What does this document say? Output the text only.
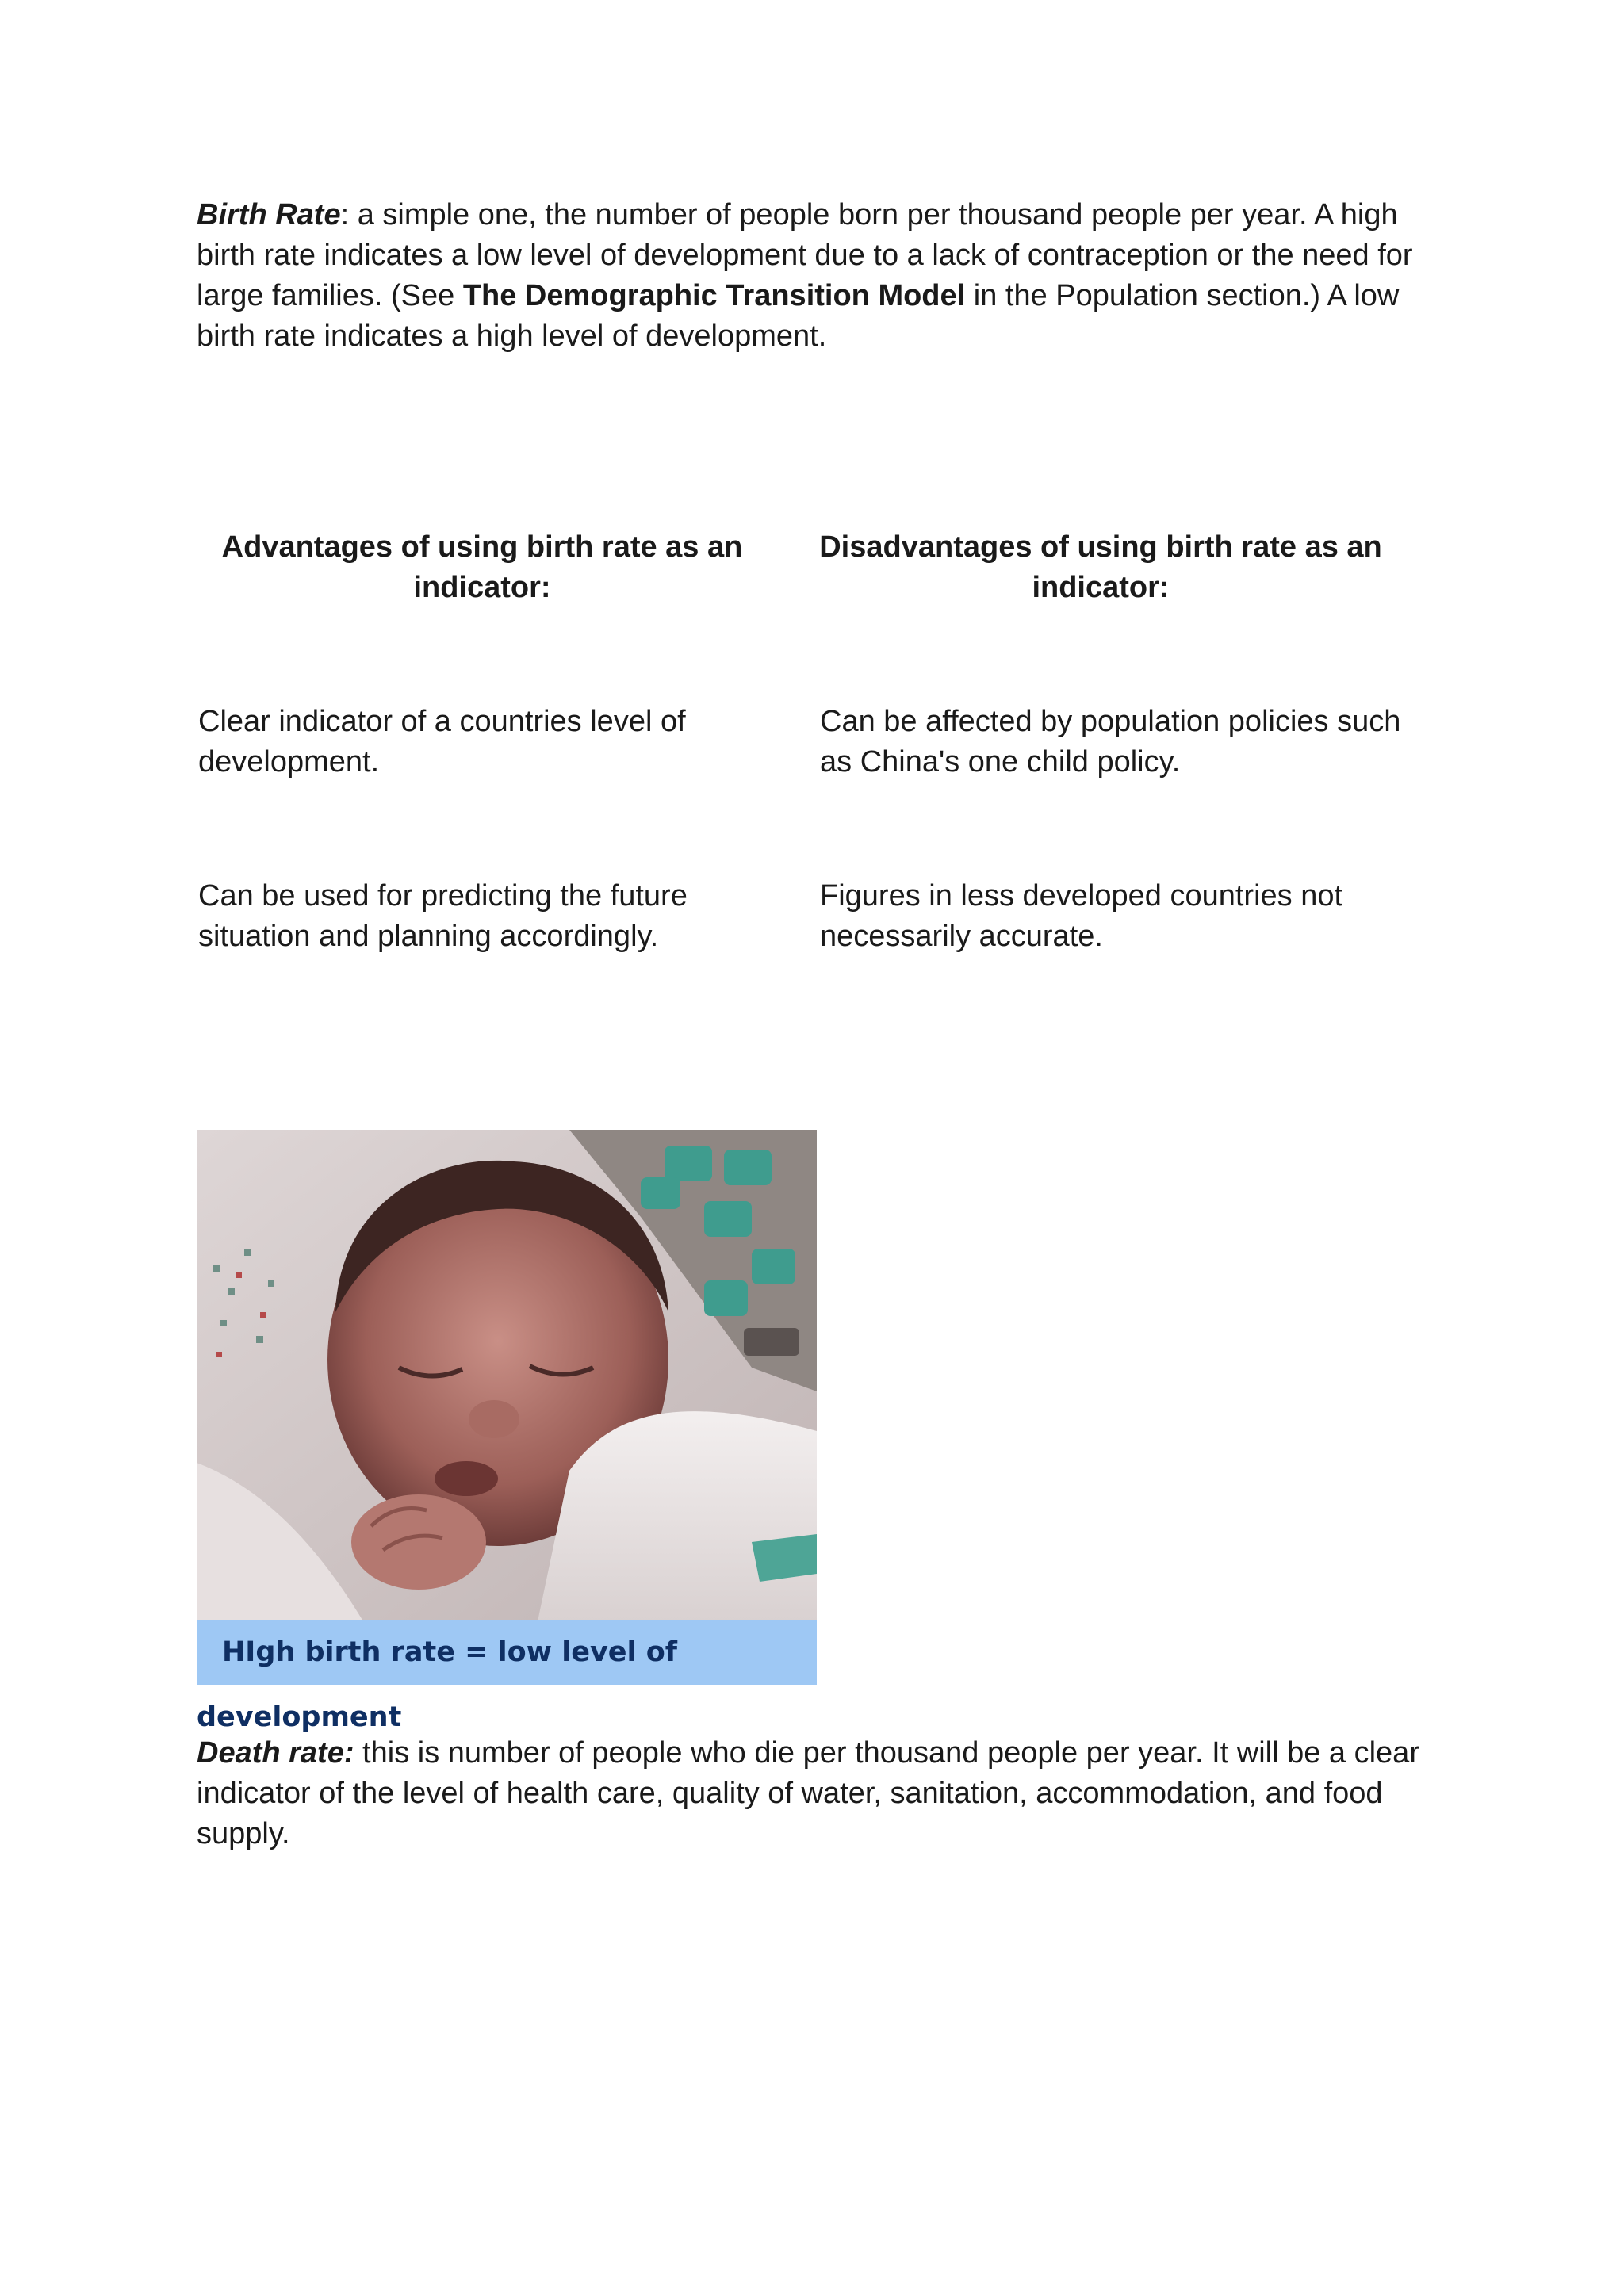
Birth Rate: a simple one, the number of people born per thousand people per year. A high birth rate indicates a low level of development due to a lack of contraception or the need for large families. (See The Demographic Transition Model in the Population section.) A low birth rate indicates a high level of development.

Advantages of using birth rate as an indicator:
Disadvantages of using birth rate as an indicator:
Clear indicator of a countries level of development.
Can be affected by population policies such as China's one child policy.
Can be used for predicting the future situation and planning accordingly.
Figures in less developed countries not necessarily accurate.
HIgh birth rate = low level of development

Death rate: this is number of people who die per thousand people per year. It will be a clear indicator of the level of health care, quality of water, sanitation, accommodation, and food supply.
